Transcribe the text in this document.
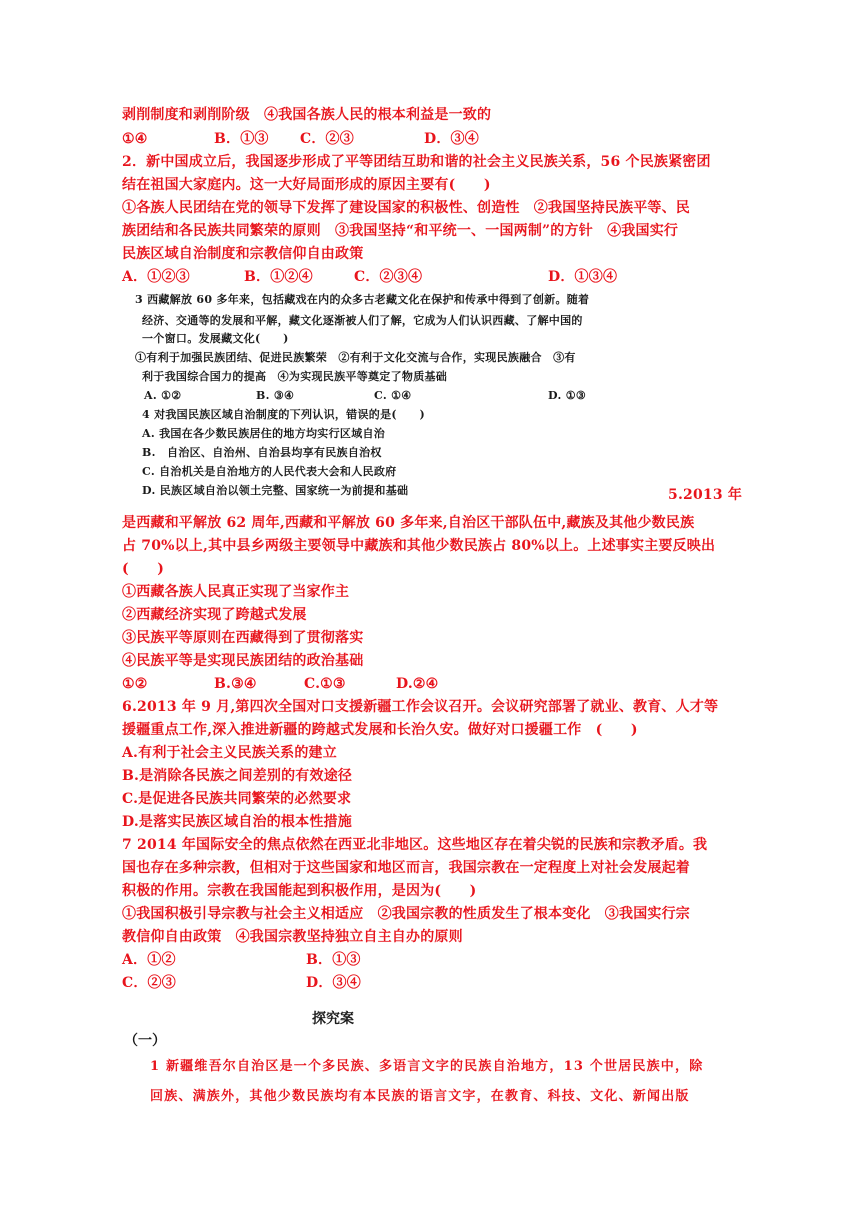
剥削制度和剥削阶级　④我国各族人民的根本利益是一致的
①④	B．①③ C．②③	D．③④
2．新中国成立后，我国逐步形成了平等团结互助和谐的社会主义民族关系，56 个民族紧密团
结在祖国大家庭内。这一大好局面形成的原因主要有(　　)
①各族人民团结在党的领导下发挥了建设国家的积极性、创造性　②我国坚持民族平等、民
族团结和各民族共同繁荣的原则　③我国坚持“和平统一、一国两制”的方针　④我国实行
民族区域自治制度和宗教信仰自由政策
A．①②③	B．①②④	C．②③④	D．①③④
3 西藏解放 60 多年来，包括藏戏在内的众多古老藏文化在保护和传承中得到了创新。随着
经济、交通等的发展和平解，藏文化逐渐被人们了解，它成为人们认识西藏、了解中国的
一个窗口。发展藏文化(　　)
①有利于加强民族团结、促进民族繁荣　②有利于文化交流与合作，实现民族融合　③有
利于我国综合国力的提高　④为实现民族平等奠定了物质基础
A. ①②	B. ③④	C. ①④	D. ①③
4 对我国民族区域自治制度的下列认识，错误的是(　　)
A. 我国在各少数民族居住的地方均实行区域自治
B.　自治区、自治州、自治县均享有民族自治权
C. 自治机关是自治地方的人民代表大会和人民政府
D. 民族区域自治以领土完整、国家统一为前提和基础	5.2013 年
是西藏和平解放 62 周年,西藏和平解放 60 多年来,自治区干部队伍中,藏族及其他少数民族
占 70%以上,其中县乡两级主要领导中藏族和其他少数民族占 80%以上。上述事实主要反映出
(　　)
①西藏各族人民真正实现了当家作主
②西藏经济实现了跨越式发展
③民族平等原则在西藏得到了贯彻落实
④民族平等是实现民族团结的政治基础
①②	B.③④	C.①③	D.②④
6.2013 年 9 月,第四次全国对口支援新疆工作会议召开。会议研究部署了就业、教育、人才等
援疆重点工作,深入推进新疆的跨越式发展和长治久安。做好对口援疆工作　(　　)
A.有利于社会主义民族关系的建立
B.是消除各民族之间差别的有效途径
C.是促进各民族共同繁荣的必然要求
D.是落实民族区域自治的根本性措施
7 2014 年国际安全的焦点依然在西亚北非地区。这些地区存在着尖锐的民族和宗教矛盾。我
国也存在多种宗教，但相对于这些国家和地区而言，我国宗教在一定程度上对社会发展起着
积极的作用。宗教在我国能起到积极作用，是因为(　　)
①我国积极引导宗教与社会主义相适应　②我国宗教的性质发生了根本变化　③我国实行宗
教信仰自由政策　④我国宗教坚持独立自主自办的原则
A．①②	B．①③
C．②③	D．③④
探究案
（一）
1 新疆维吾尔自治区是一个多民族、多语言文字的民族自治地方，13 个世居民族中，除
回族、满族外，其他少数民族均有本民族的语言文字，在教育、科技、文化、新闻出版
